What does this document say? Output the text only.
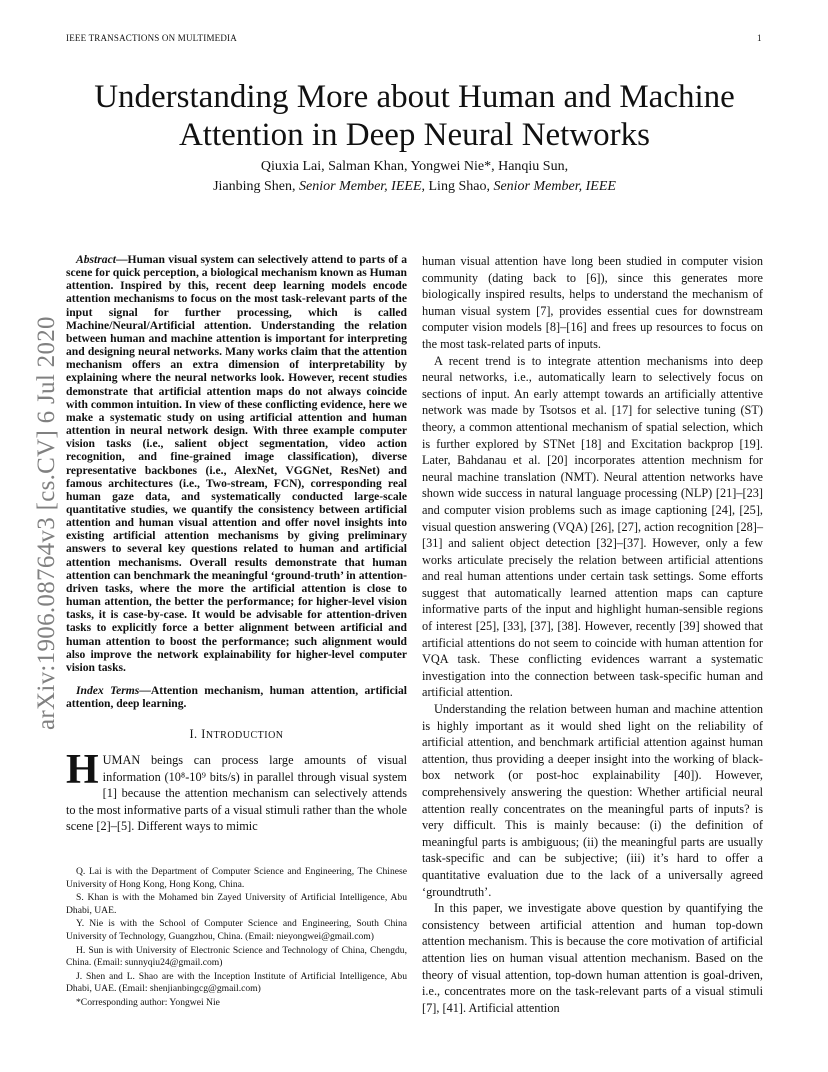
IEEE TRANSACTIONS ON MULTIMEDIA	1
arXiv:1906.08764v3 [cs.CV] 6 Jul 2020
Understanding More about Human and Machine Attention in Deep Neural Networks
Qiuxia Lai, Salman Khan, Yongwei Nie*, Hanqiu Sun,
Jianbing Shen, Senior Member, IEEE, Ling Shao, Senior Member, IEEE

Abstract—Human visual system can selectively attend to parts of a scene for quick perception, a biological mechanism known as Human attention. Inspired by this, recent deep learning models encode attention mechanisms to focus on the most task-relevant parts of the input signal for further processing, which is called Machine/Neural/Artificial attention. Understanding the relation between human and machine attention is important for interpreting and designing neural networks. Many works claim that the attention mechanism offers an extra dimension of interpretability by explaining where the neural networks look. However, recent studies demonstrate that artificial attention maps do not always coincide with common intuition. In view of these conflicting evidence, here we make a systematic study on using artificial attention and human attention in neural network design. With three example computer vision tasks (i.e., salient object segmentation, video action recognition, and fine-grained image classification), diverse representative backbones (i.e., AlexNet, VGGNet, ResNet) and famous architectures (i.e., Two-stream, FCN), corresponding real human gaze data, and systematically conducted large-scale quantitative studies, we quantify the consistency between artificial attention and human visual attention and offer novel insights into existing artificial attention mechanisms by giving preliminary answers to several key questions related to human and artificial attention mechanisms. Overall results demonstrate that human attention can benchmark the meaningful ‘ground-truth’ in attention-driven tasks, where the more the artificial attention is close to human attention, the better the performance; for higher-level vision tasks, it is case-by-case. It would be advisable for attention-driven tasks to explicitly force a better alignment between artificial and human attention to boost the performance; such alignment would also improve the network explainability for higher-level computer vision tasks.

Index Terms—Attention mechanism, human attention, artificial attention, deep learning.

I. INTRODUCTION

HUMAN beings can process large amounts of visual information (10⁸-10⁹ bits/s) in parallel through visual system [1] because the attention mechanism can selectively attends to the most informative parts of a visual stimuli rather than the whole scene [2]–[5]. Different ways to mimic

Q. Lai is with the Department of Computer Science and Engineering, The Chinese University of Hong Kong, Hong Kong, China.

S. Khan is with the Mohamed bin Zayed University of Artificial Intelligence, Abu Dhabi, UAE.

Y. Nie is with the School of Computer Science and Engineering, South China University of Technology, Guangzhou, China. (Email: nieyongwei@gmail.com)

H. Sun is with University of Electronic Science and Technology of China, Chengdu, China. (Email: sunnyqiu24@gmail.com)

J. Shen and L. Shao are with the Inception Institute of Artificial Intelligence, Abu Dhabi, UAE. (Email: shenjianbingcg@gmail.com)

*Corresponding author: Yongwei Nie

human visual attention have long been studied in computer vision community (dating back to [6]), since this generates more biologically inspired results, helps to understand the mechanism of human visual system [7], provides essential cues for downstream computer vision models [8]–[16] and frees up resources to focus on the most task-related parts of inputs.

A recent trend is to integrate attention mechanisms into deep neural networks, i.e., automatically learn to selectively focus on sections of input. An early attempt towards an artificially attentive network was made by Tsotsos et al. [17] for selective tuning (ST) theory, a common attentional mechanism of spatial selection, which is further explored by STNet [18] and Excitation backprop [19]. Later, Bahdanau et al. [20] incorporates attention mechnism for neural machine translation (NMT). Neural attention networks have shown wide success in natural language processing (NLP) [21]–[23] and computer vision problems such as image captioning [24], [25], visual question answering (VQA) [26], [27], action recognition [28]–[31] and salient object detection [32]–[37]. However, only a few works articulate precisely the relation between artificial attentions and real human attentions under certain task settings. Some efforts suggest that automatically learned attention maps can capture informative parts of the input and highlight human-sensible regions of interest [25], [33], [37], [38]. However, recently [39] showed that artificial attentions do not seem to coincide with human attention for VQA task. These conflicting evidences warrant a systematic investigation into the connection between task-specific human and artificial attention.

Understanding the relation between human and machine attention is highly important as it would shed light on the reliability of artificial attention, and benchmark artificial attention against human attention, thus providing a deeper insight into the working of black-box network (or post-hoc explainability [40]). However, comprehensively answering the question: Whether artificial neural attention really concentrates on the meaningful parts of inputs? is very difficult. This is mainly because: (i) the definition of meaningful parts is ambiguous; (ii) the meaningful parts are usually task-specific and can be subjective; (iii) it’s hard to offer a quantitative evaluation due to the lack of a universally agreed ‘groundtruth’.

In this paper, we investigate above question by quantifying the consistency between artificial attention and human top-down attention mechanism. This is because the core motivation of artificial attention lies on human visual attention mechanism. Based on the theory of visual attention, top-down human attention is goal-driven, i.e., concentrates more on the task-relevant parts of a visual stimuli [7], [41]. Artificial attention
